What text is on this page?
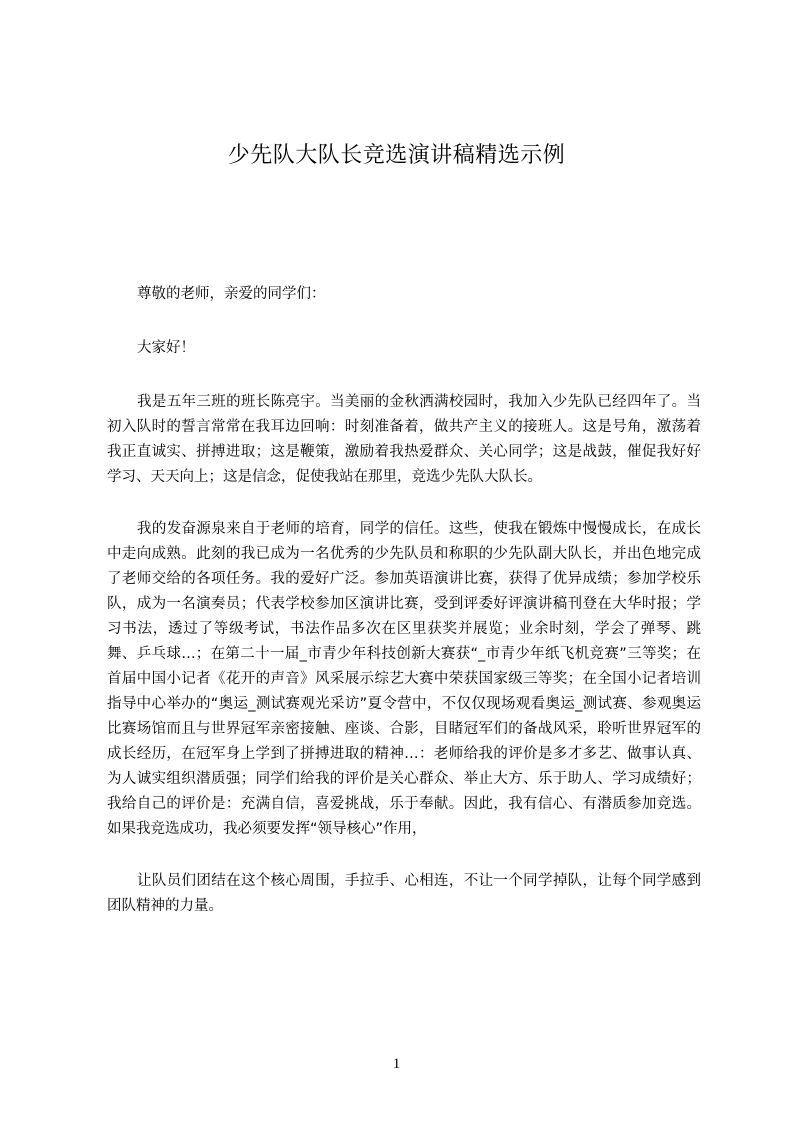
少先队大队长竞选演讲稿精选示例

尊敬的老师，亲爱的同学们：

大家好！

我是五年三班的班长陈亮宇。当美丽的金秋洒满校园时，我加入少先队已经四年了。当初入队时的誓言常常在我耳边回响：时刻准备着，做共产主义的接班人。这是号角，激荡着我正直诚实、拼搏进取；这是鞭策，激励着我热爱群众、关心同学；这是战鼓，催促我好好学习、天天向上；这是信念，促使我站在那里，竞选少先队大队长。

我的发奋源泉来自于老师的培育，同学的信任。这些，使我在锻炼中慢慢成长，在成长中走向成熟。此刻的我已成为一名优秀的少先队员和称职的少先队副大队长，并出色地完成了老师交给的各项任务。我的爱好广泛。参加英语演讲比赛，获得了优异成绩；参加学校乐队，成为一名演奏员；代表学校参加区演讲比赛，受到评委好评演讲稿刊登在大华时报；学习书法，透过了等级考试，书法作品多次在区里获奖并展览；业余时刻，学会了弹琴、跳舞、乒乓球…；在第二十一届_市青少年科技创新大赛获“_市青少年纸飞机竞赛”三等奖；在首届中国小记者《花开的声音》风采展示综艺大赛中荣获国家级三等奖；在全国小记者培训指导中心举办的“奥运_测试赛观光采访”夏令营中，不仅仅现场观看奥运_测试赛、参观奥运比赛场馆而且与世界冠军亲密接触、座谈、合影，目睹冠军们的备战风采，聆听世界冠军的成长经历，在冠军身上学到了拼搏进取的精神…：老师给我的评价是多才多艺、做事认真、为人诚实组织潜质强；同学们给我的评价是关心群众、举止大方、乐于助人、学习成绩好；我给自己的评价是：充满自信，喜爱挑战，乐于奉献。因此，我有信心、有潜质参加竞选。如果我竞选成功，我必须要发挥“领导核心”作用，

让队员们团结在这个核心周围，手拉手、心相连，不让一个同学掉队，让每个同学感到团队精神的力量。

1
